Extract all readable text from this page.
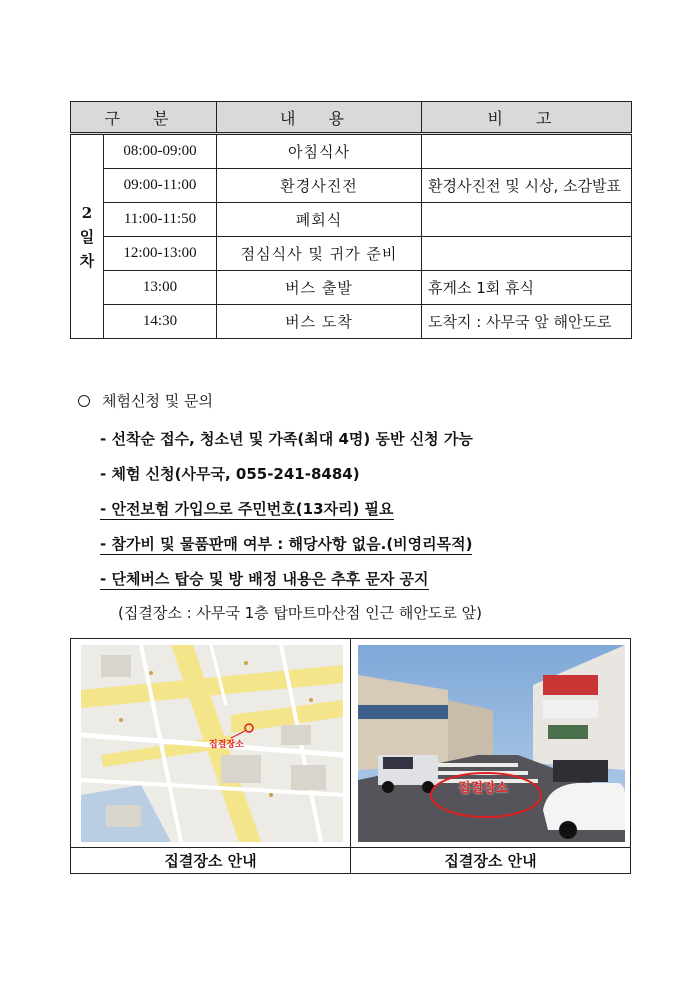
구 분		내 용	비 고

2
일
차	08:00-09:00	아침식사	
	09:00-11:00	환경사진전	환경사진전 및 시상, 소감발표
	11:00-11:50	폐회식	
	12:00-13:00	점심식사 및 귀가 준비	
	13:00	버스 출발	휴게소 1회 휴식
	14:30	버스 도착	도착지 : 사무국 앞 해안도로
체험신청 및 문의
- 선착순 접수, 청소년 및 가족(최대 4명) 동반 신청 가능
- 체험 신청(사무국, 055-241-8484)
- 안전보험 가입으로 주민번호(13자리) 필요
- 참가비 및 물품판매 여부 : 해당사항 없음.(비영리목적)
- 단체버스 탑승 및 방 배정 내용은 추후 문자 공지
(집결장소 : 사무국 1층 탑마트마산점 인근 해안도로 앞)
집결장소
집결장소
집결장소 안내	집결장소 안내
